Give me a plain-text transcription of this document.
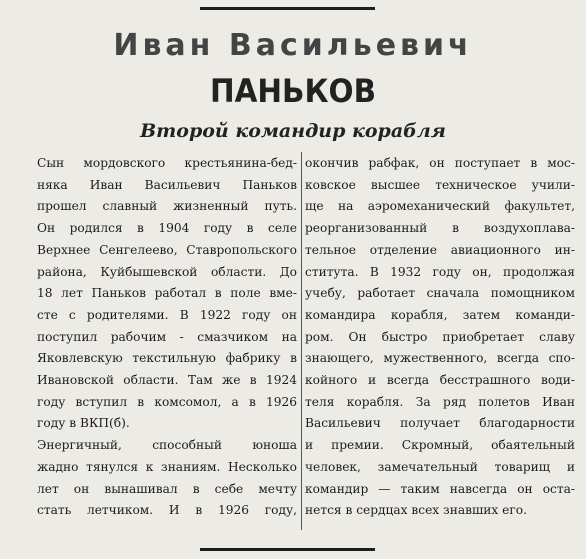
Иван Васильевич
ПАНЬКОВ
Второй командир корабля
Сын мордовского крестьянина-бед-
няка Иван Васильевич Паньков
прошел славный жизненный путь.
Он родился в 1904 году в селе
Верхнее Сенгелеево, Ставропольского
района, Куйбышевской области. До
18 лет Паньков работал в поле вме-
сте с родителями. В 1922 году он
поступил рабочим - смазчиком на
Яковлевскую текстильную фабрику в
Ивановской области. Там же в 1924
году вступил в комсомол, а в 1926
году в ВКП(б).
Энергичный, способный юноша
жадно тянулся к знаниям. Несколько
лет он вынашивал в себе мечту
стать летчиком. И в 1926 году,
окончив рабфак, он поступает в мос-
ковское высшее техническое учили-
ще на аэромеханический факультет,
реорганизованный в воздухоплава-
тельное отделение авиационного ин-
ститута. В 1932 году он, продолжая
учебу, работает сначала помощником
командира корабля, затем команди-
ром. Он быстро приобретает славу
знающего, мужественного, всегда спо-
койного и всегда бесстрашного води-
теля корабля. За ряд полетов Иван
Васильевич получает благодарности
и премии. Скромный, обаятельный
человек, замечательный товарищ и
командир — таким навсегда он оста-
нется в сердцах всех знавших его.
